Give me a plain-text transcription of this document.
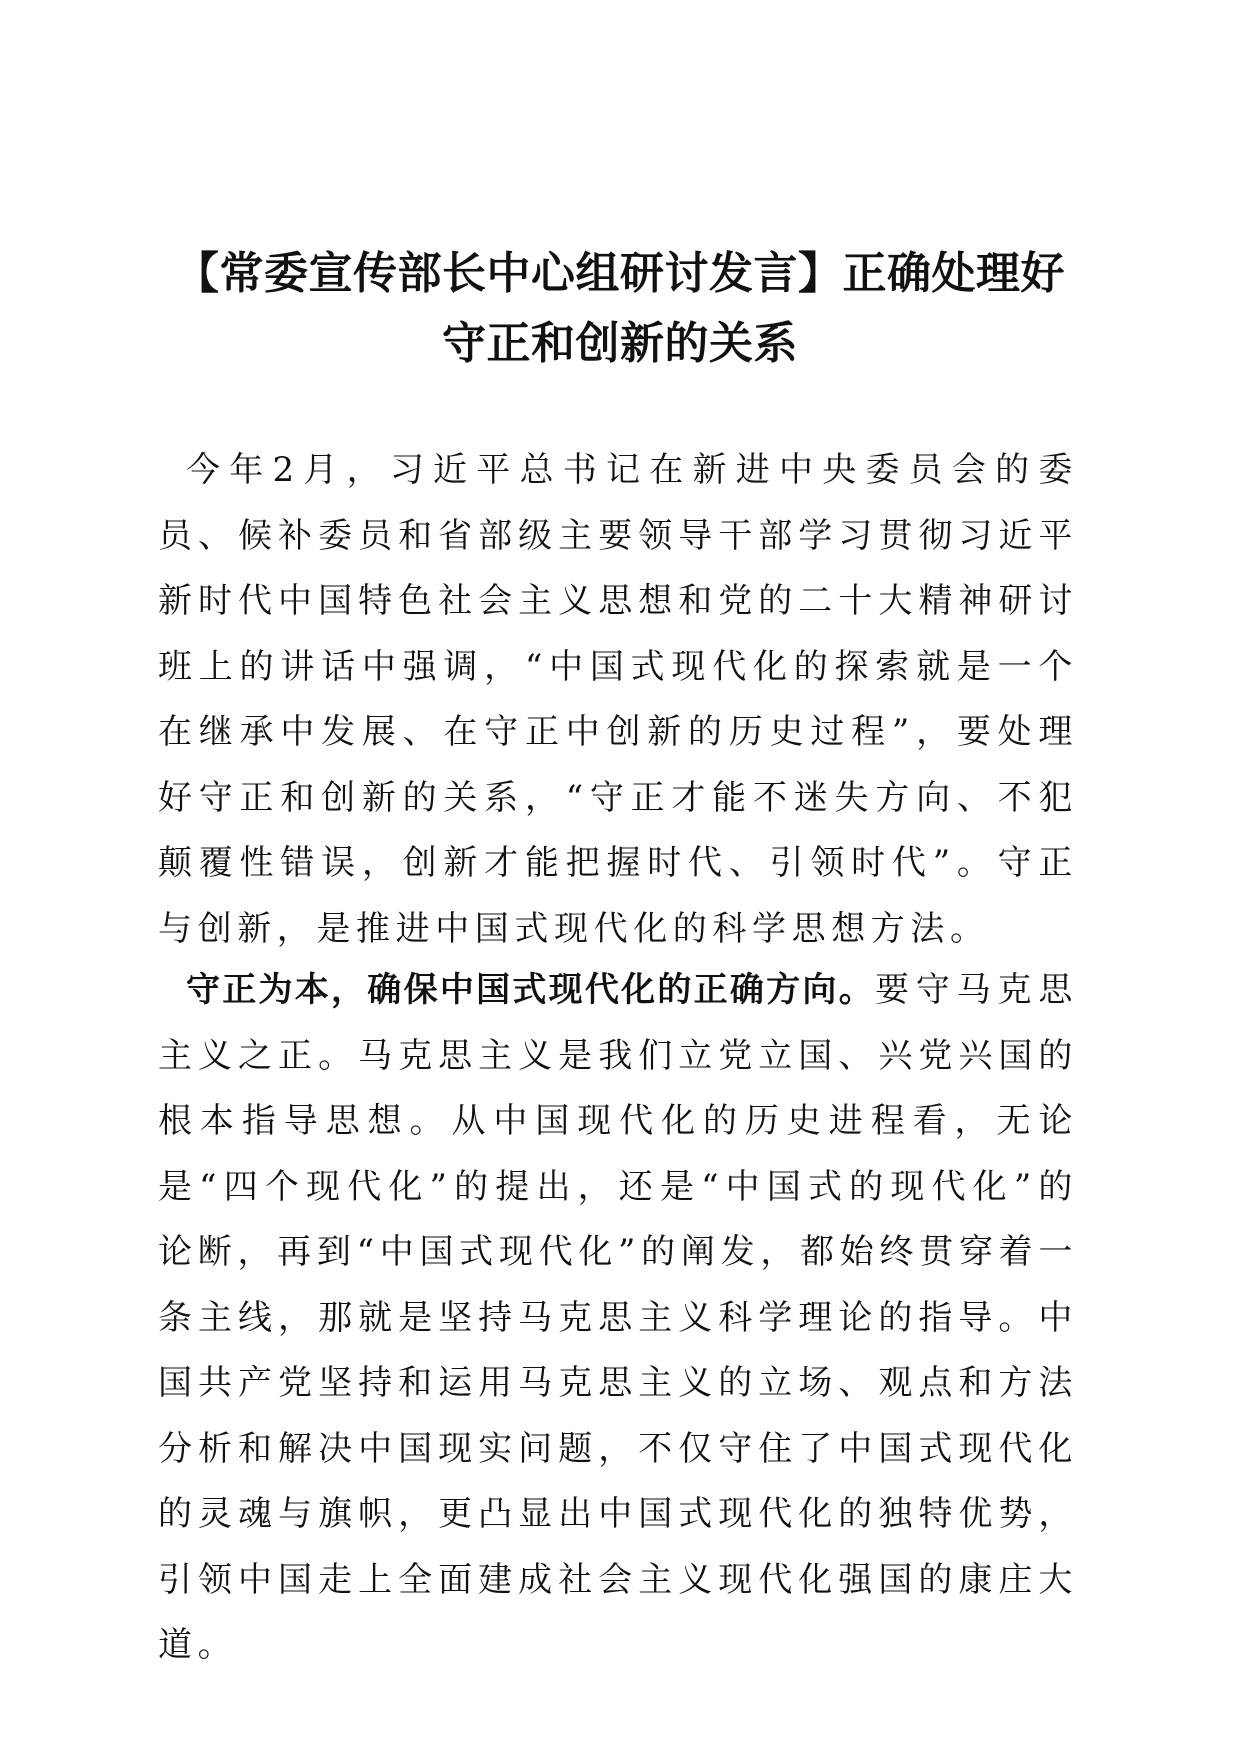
【常委宣传部长中心组研讨发言】正确处理好
守正和创新的关系

今年2月，习近平总书记在新进中央委员会的委员、候补委员和省部级主要领导干部学习贯彻习近平新时代中国特色社会主义思想和党的二十大精神研讨班上的讲话中强调，“中国式现代化的探索就是一个在继承中发展、在守正中创新的历史过程”，要处理好守正和创新的关系，“守正才能不迷失方向、不犯颠覆性错误，创新才能把握时代、引领时代”。守正与创新，是推进中国式现代化的科学思想方法。

守正为本，确保中国式现代化的正确方向。要守马克思主义之正。马克思主义是我们立党立国、兴党兴国的根本指导思想。从中国现代化的历史进程看，无论是“四个现代化”的提出，还是“中国式的现代化”的论断，再到“中国式现代化”的阐发，都始终贯穿着一条主线，那就是坚持马克思主义科学理论的指导。中国共产党坚持和运用马克思主义的立场、观点和方法分析和解决中国现实问题，不仅守住了中国式现代化的灵魂与旗帜，更凸显出中国式现代化的独特优势，引领中国走上全面建成社会主义现代化强国的康庄大道。
